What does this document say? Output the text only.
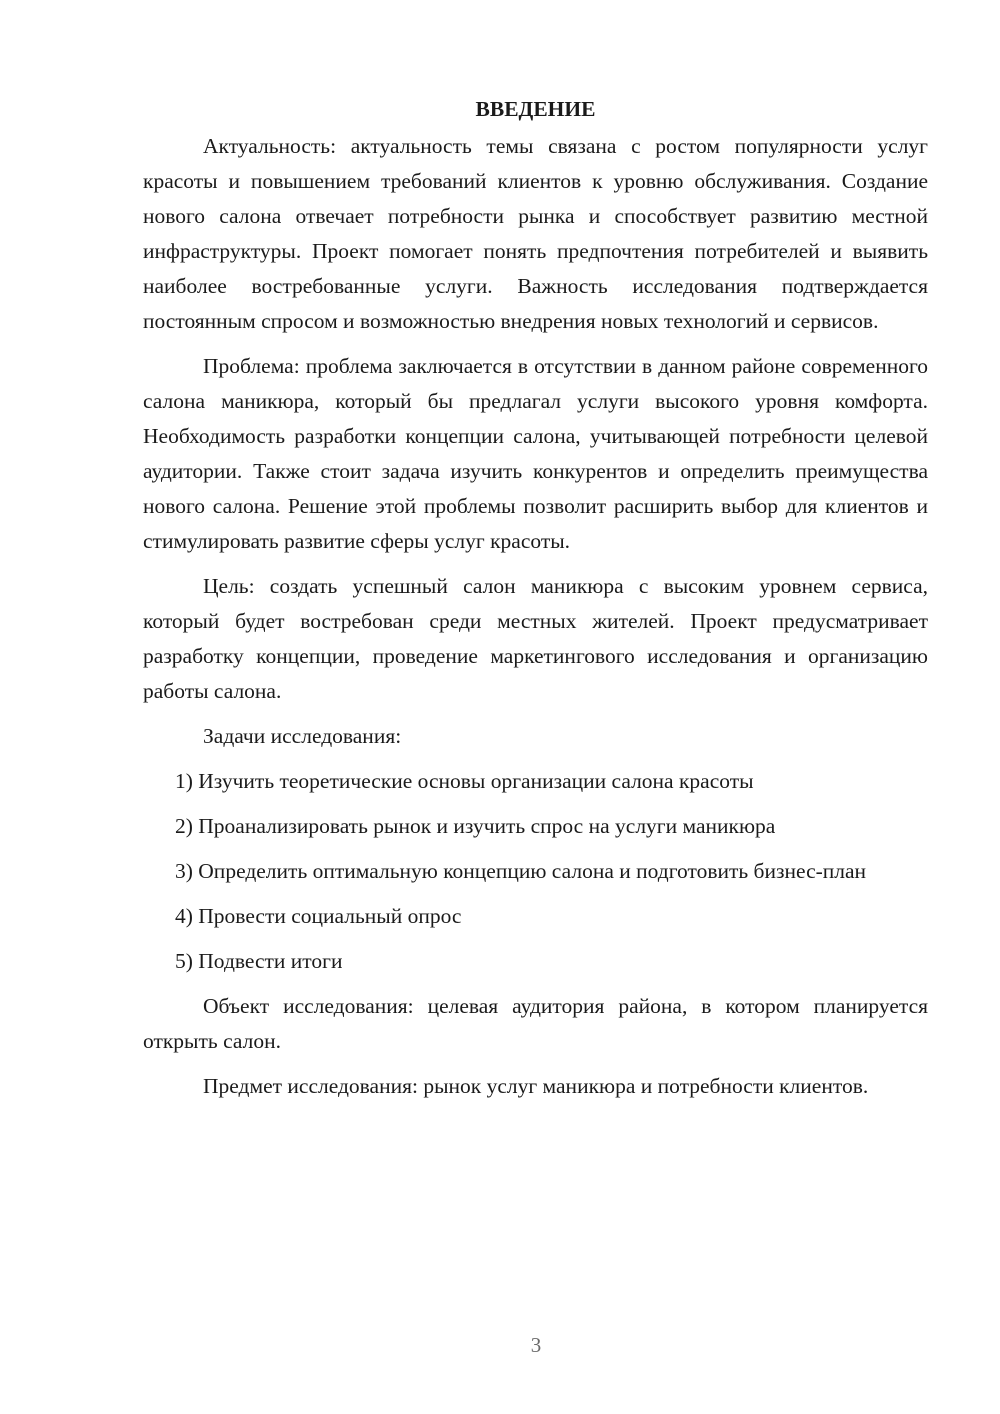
ВВЕДЕНИЕ

Актуальность: актуальность темы связана с ростом популярности услуг красоты и повышением требований клиентов к уровню обслуживания. Создание нового салона отвечает потребности рынка и способствует развитию местной инфраструктуры. Проект помогает понять предпочтения потребителей и выявить наиболее востребованные услуги. Важность исследования подтверждается постоянным спросом и возможностью внедрения новых технологий и сервисов.

Проблема: проблема заключается в отсутствии в данном районе современного салона маникюра, который бы предлагал услуги высокого уровня комфорта. Необходимость разработки концепции салона, учитывающей потребности целевой аудитории. Также стоит задача изучить конкурентов и определить преимущества нового салона. Решение этой проблемы позволит расширить выбор для клиентов и стимулировать развитие сферы услуг красоты.

Цель: создать успешный салон маникюра с высоким уровнем сервиса, который будет востребован среди местных жителей. Проект предусматривает разработку концепции, проведение маркетингового исследования и организацию работы салона.

Задачи исследования:

1) Изучить теоретические основы организации салона красоты

2) Проанализировать рынок и изучить спрос на услуги маникюра

3) Определить оптимальную концепцию салона и подготовить бизнес-план

4) Провести социальный опрос

5) Подвести итоги

Объект исследования: целевая аудитория района, в котором планируется открыть салон.

Предмет исследования: рынок услуг маникюра и потребности клиентов.

3
